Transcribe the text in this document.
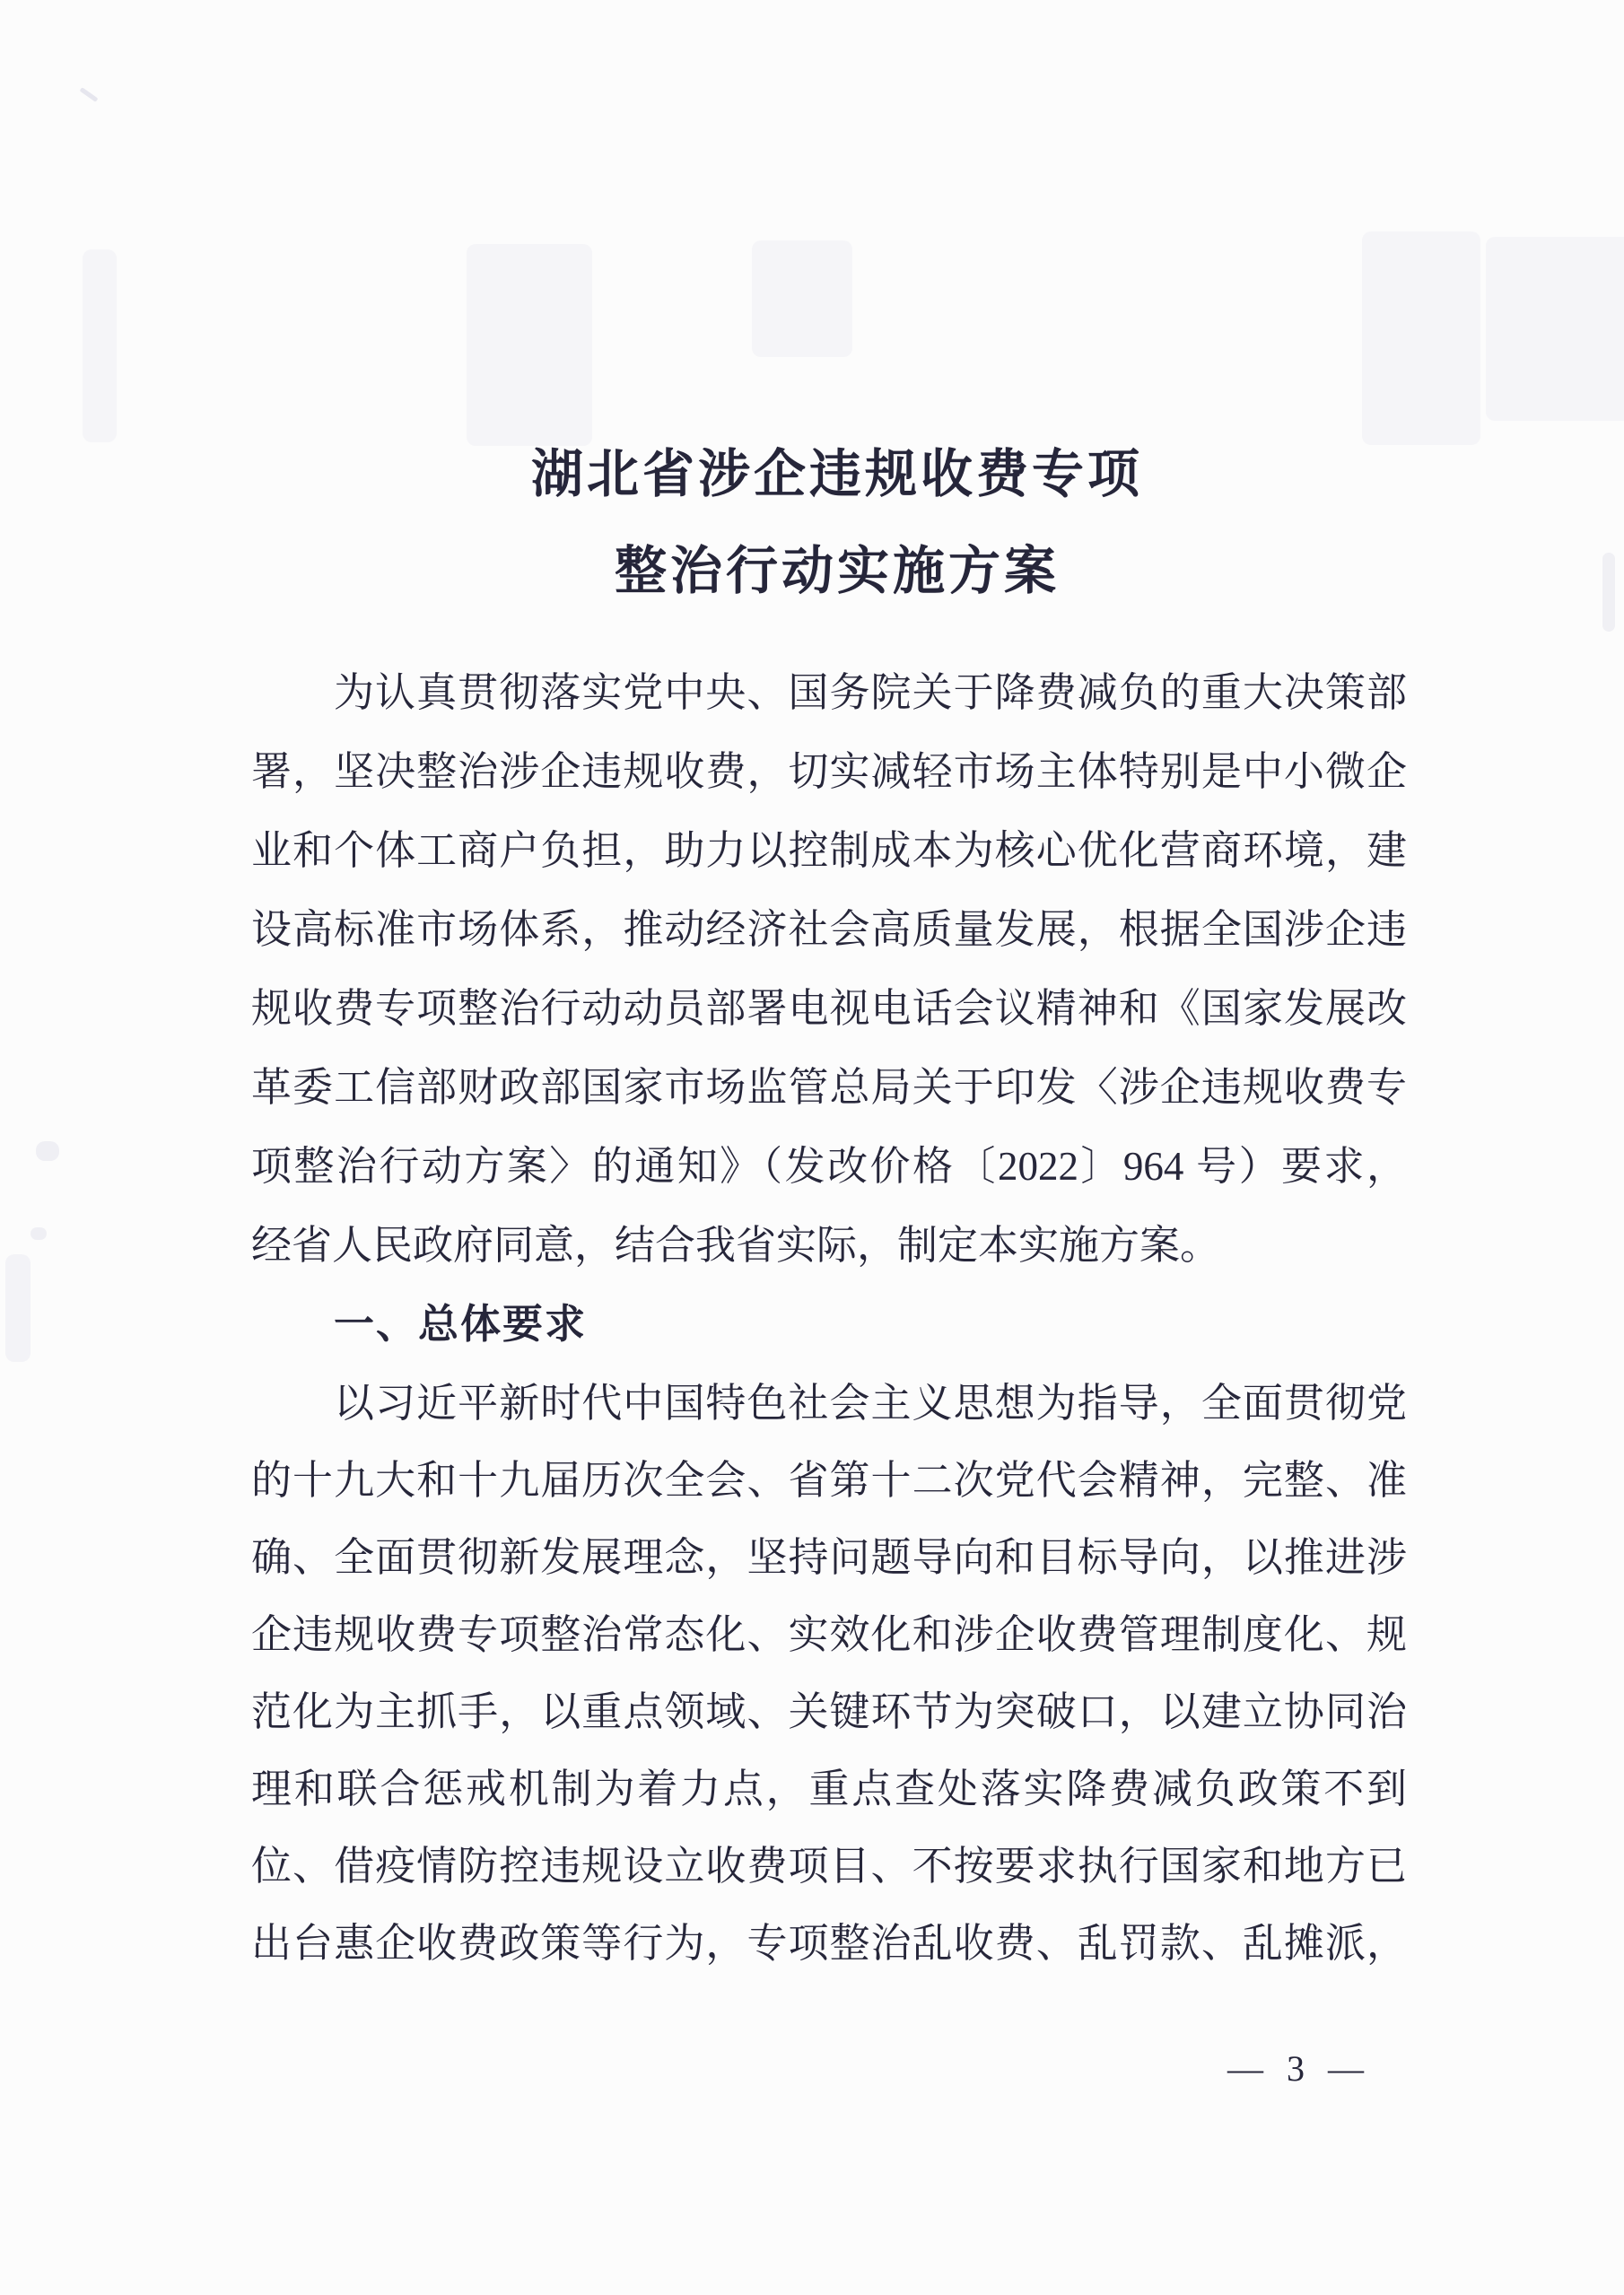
湖北省涉企违规收费专项
整治行动实施方案
为认真贯彻落实党中央、国务院关于降费减负的重大决策部
署，坚决整治涉企违规收费，切实减轻市场主体特别是中小微企
业和个体工商户负担，助力以控制成本为核心优化营商环境，建
设高标准市场体系，推动经济社会高质量发展，根据全国涉企违
规收费专项整治行动动员部署电视电话会议精神和《国家发展改
革委工信部财政部国家市场监管总局关于印发〈涉企违规收费专
项整治行动方案〉的通知》（发改价格〔2022〕964 号）要求，
经省人民政府同意，结合我省实际，制定本实施方案。
一、总体要求
以习近平新时代中国特色社会主义思想为指导，全面贯彻党
的十九大和十九届历次全会、省第十二次党代会精神，完整、准
确、全面贯彻新发展理念，坚持问题导向和目标导向，以推进涉
企违规收费专项整治常态化、实效化和涉企收费管理制度化、规
范化为主抓手，以重点领域、关键环节为突破口，以建立协同治
理和联合惩戒机制为着力点，重点查处落实降费减负政策不到
位、借疫情防控违规设立收费项目、不按要求执行国家和地方已
出台惠企收费政策等行为，专项整治乱收费、乱罚款、乱摊派，
— 3 —
